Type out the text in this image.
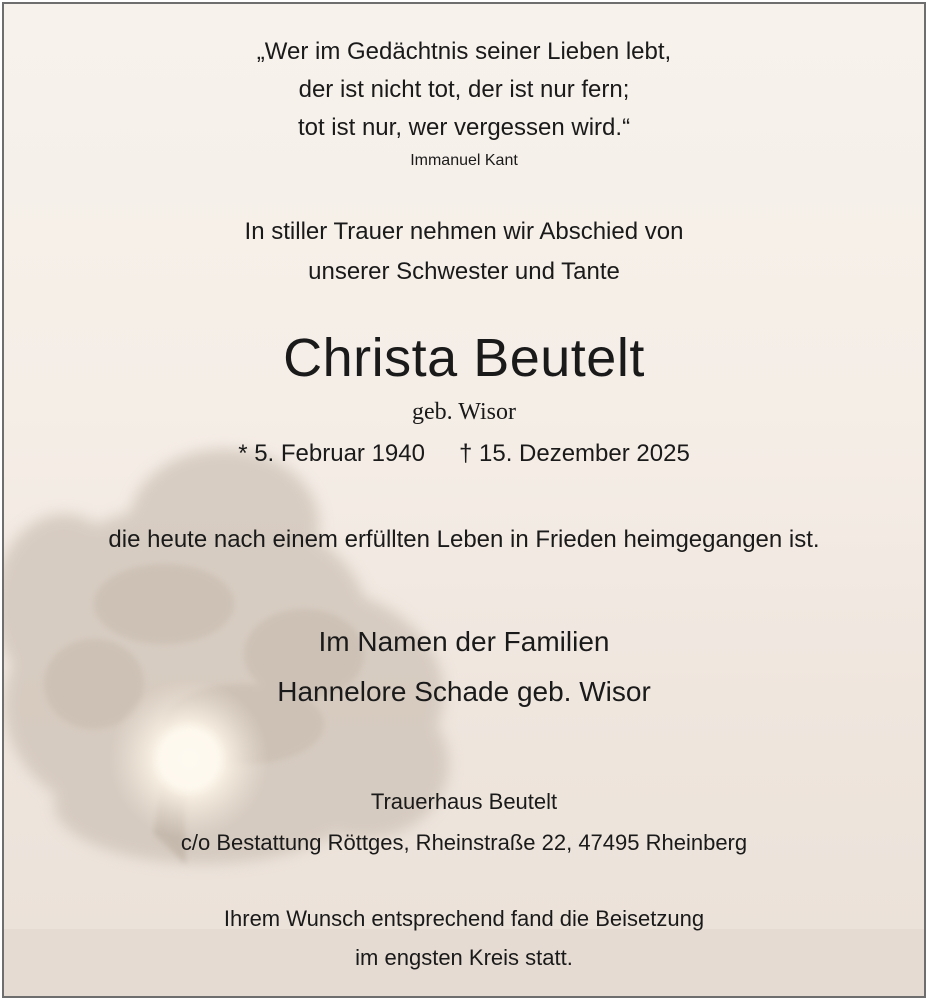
„Wer im Gedächtnis seiner Lieben lebt,
der ist nicht tot, der ist nur fern;
tot ist nur, wer vergessen wird.“
Immanuel Kant
In stiller Trauer nehmen wir Abschied von
unserer Schwester und Tante
Christa Beutelt
geb. Wisor
* 5. Februar 1940 † 15. Dezember 2025
die heute nach einem erfüllten Leben in Frieden heimgegangen ist.
Im Namen der Familien
Hannelore Schade geb. Wisor
Trauerhaus Beutelt
c/o Bestattung Röttges, Rheinstraße 22, 47495 Rheinberg
Ihrem Wunsch entsprechend fand die Beisetzung
im engsten Kreis statt.
